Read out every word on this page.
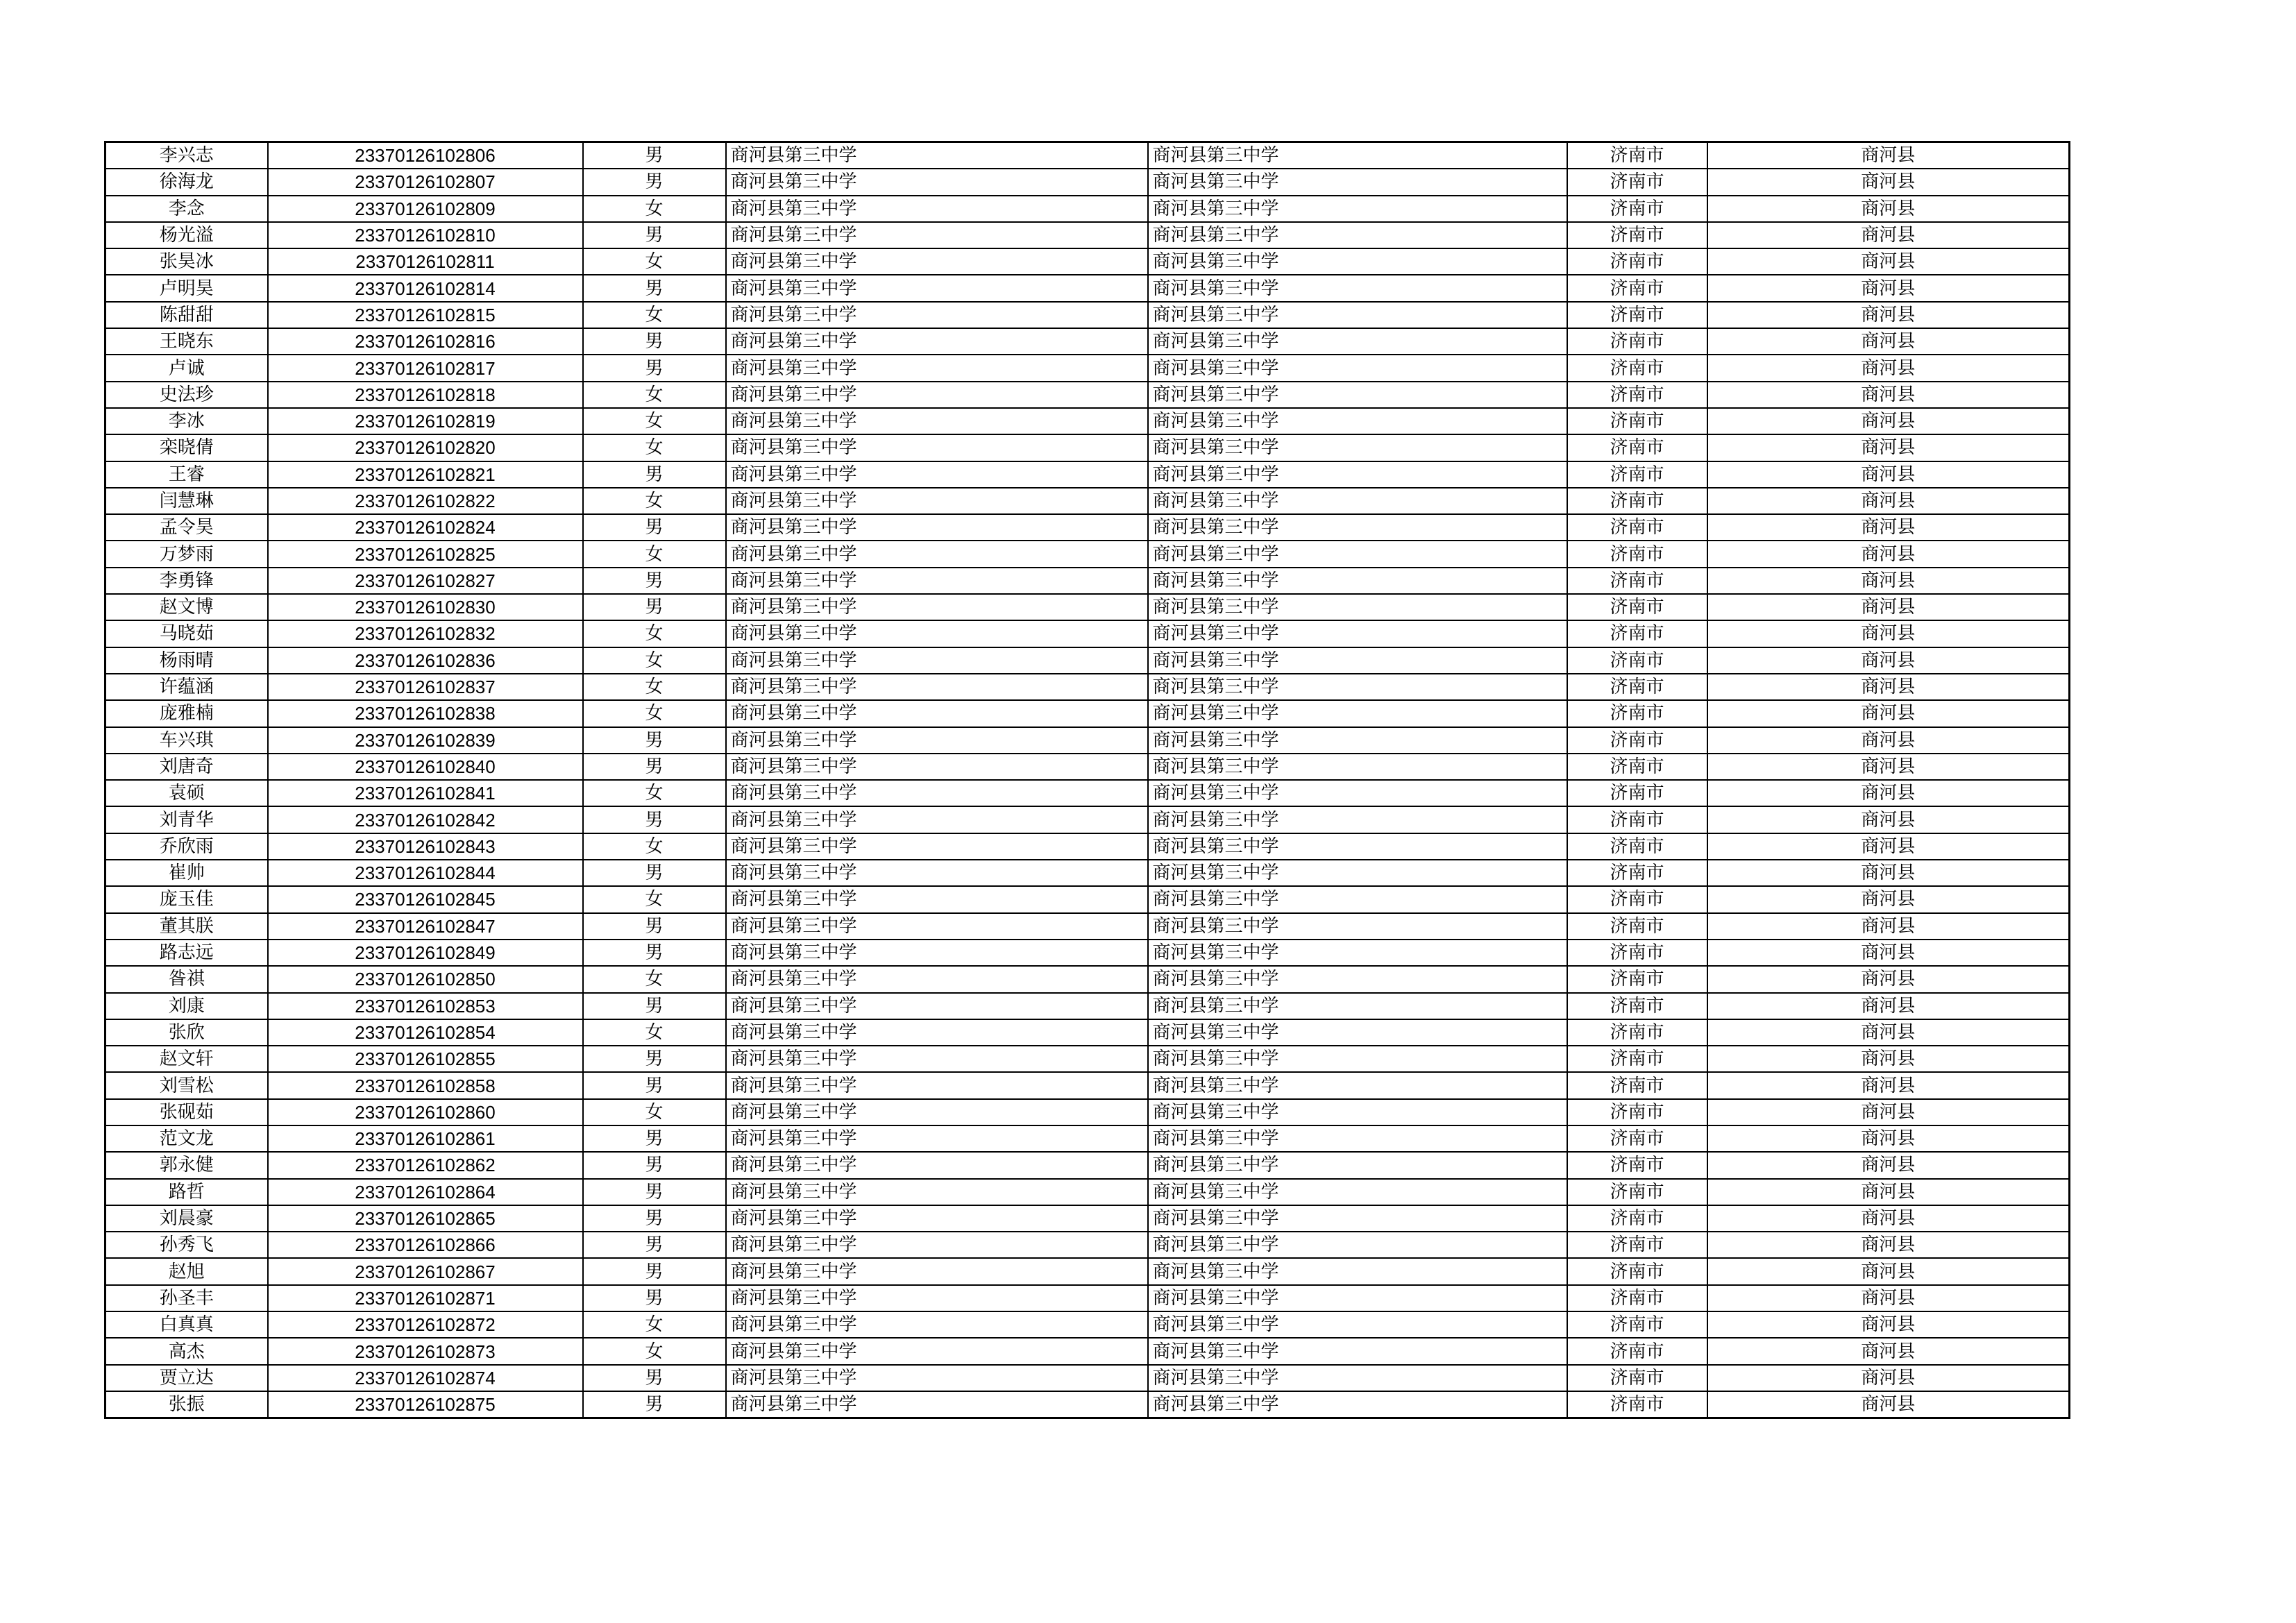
李兴志	23370126102806	男	商河县第三中学	商河县第三中学	济南市	商河县
徐海龙	23370126102807	男	商河县第三中学	商河县第三中学	济南市	商河县
李念	23370126102809	女	商河县第三中学	商河县第三中学	济南市	商河县
杨光溢	23370126102810	男	商河县第三中学	商河县第三中学	济南市	商河县
张昊冰	23370126102811	女	商河县第三中学	商河县第三中学	济南市	商河县
卢明昊	23370126102814	男	商河县第三中学	商河县第三中学	济南市	商河县
陈甜甜	23370126102815	女	商河县第三中学	商河县第三中学	济南市	商河县
王晓东	23370126102816	男	商河县第三中学	商河县第三中学	济南市	商河县
卢诚	23370126102817	男	商河县第三中学	商河县第三中学	济南市	商河县
史法珍	23370126102818	女	商河县第三中学	商河县第三中学	济南市	商河县
李冰	23370126102819	女	商河县第三中学	商河县第三中学	济南市	商河县
栾晓倩	23370126102820	女	商河县第三中学	商河县第三中学	济南市	商河县
王睿	23370126102821	男	商河县第三中学	商河县第三中学	济南市	商河县
闫慧琳	23370126102822	女	商河县第三中学	商河县第三中学	济南市	商河县
孟令昊	23370126102824	男	商河县第三中学	商河县第三中学	济南市	商河县
万梦雨	23370126102825	女	商河县第三中学	商河县第三中学	济南市	商河县
李勇锋	23370126102827	男	商河县第三中学	商河县第三中学	济南市	商河县
赵文博	23370126102830	男	商河县第三中学	商河县第三中学	济南市	商河县
马晓茹	23370126102832	女	商河县第三中学	商河县第三中学	济南市	商河县
杨雨晴	23370126102836	女	商河县第三中学	商河县第三中学	济南市	商河县
许蕴涵	23370126102837	女	商河县第三中学	商河县第三中学	济南市	商河县
庞雅楠	23370126102838	女	商河县第三中学	商河县第三中学	济南市	商河县
车兴琪	23370126102839	男	商河县第三中学	商河县第三中学	济南市	商河县
刘唐奇	23370126102840	男	商河县第三中学	商河县第三中学	济南市	商河县
袁硕	23370126102841	女	商河县第三中学	商河县第三中学	济南市	商河县
刘青华	23370126102842	男	商河县第三中学	商河县第三中学	济南市	商河县
乔欣雨	23370126102843	女	商河县第三中学	商河县第三中学	济南市	商河县
崔帅	23370126102844	男	商河县第三中学	商河县第三中学	济南市	商河县
庞玉佳	23370126102845	女	商河县第三中学	商河县第三中学	济南市	商河县
董其朕	23370126102847	男	商河县第三中学	商河县第三中学	济南市	商河县
路志远	23370126102849	男	商河县第三中学	商河县第三中学	济南市	商河县
昝祺	23370126102850	女	商河县第三中学	商河县第三中学	济南市	商河县
刘康	23370126102853	男	商河县第三中学	商河县第三中学	济南市	商河县
张欣	23370126102854	女	商河县第三中学	商河县第三中学	济南市	商河县
赵文轩	23370126102855	男	商河县第三中学	商河县第三中学	济南市	商河县
刘雪松	23370126102858	男	商河县第三中学	商河县第三中学	济南市	商河县
张砚茹	23370126102860	女	商河县第三中学	商河县第三中学	济南市	商河县
范文龙	23370126102861	男	商河县第三中学	商河县第三中学	济南市	商河县
郭永健	23370126102862	男	商河县第三中学	商河县第三中学	济南市	商河县
路哲	23370126102864	男	商河县第三中学	商河县第三中学	济南市	商河县
刘晨豪	23370126102865	男	商河县第三中学	商河县第三中学	济南市	商河县
孙秀飞	23370126102866	男	商河县第三中学	商河县第三中学	济南市	商河县
赵旭	23370126102867	男	商河县第三中学	商河县第三中学	济南市	商河县
孙圣丰	23370126102871	男	商河县第三中学	商河县第三中学	济南市	商河县
白真真	23370126102872	女	商河县第三中学	商河县第三中学	济南市	商河县
高杰	23370126102873	女	商河县第三中学	商河县第三中学	济南市	商河县
贾立达	23370126102874	男	商河县第三中学	商河县第三中学	济南市	商河县
张振	23370126102875	男	商河县第三中学	商河县第三中学	济南市	商河县
